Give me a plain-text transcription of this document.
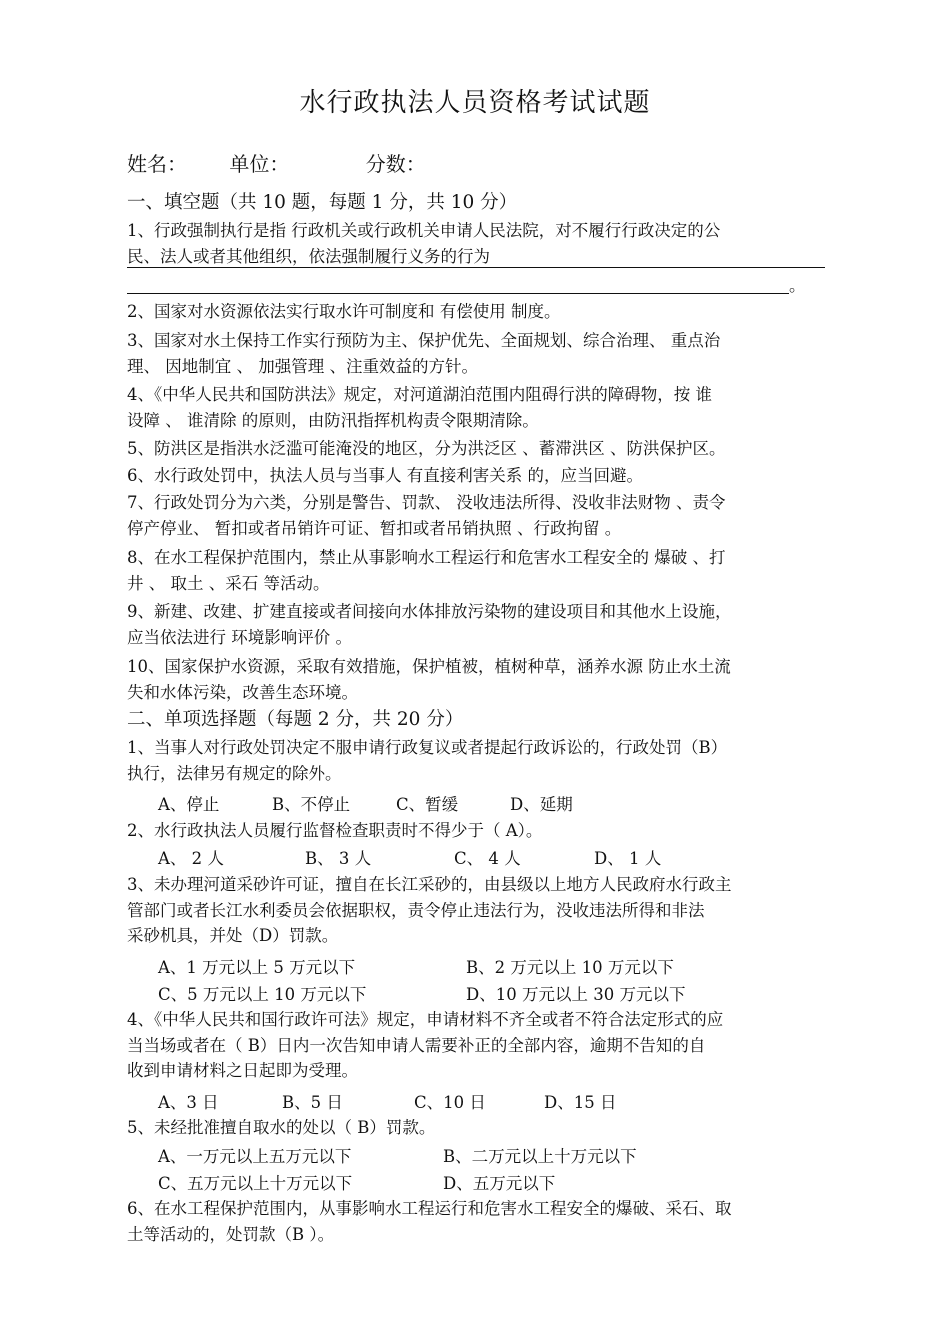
水行政执法人员资格考试试题
姓名： 单位：	分数：
一、填空题（共 10 题，每题 1 分，共 10 分）
1、行政强制执行是指 行政机关或行政机关申请人民法院，对不履行行政决定的公
民、法人或者其他组织，依法强制履行义务的行为
。
2、国家对水资源依法实行取水许可制度和 有偿使用 制度。
3、国家对水土保持工作实行预防为主、保护优先、全面规划、综合治理、 重点治
理、 因地制宜 、 加强管理 、注重效益的方针。
4、《中华人民共和国防洪法》规定，对河道湖泊范围内阻碍行洪的障碍物，按 谁
设障 、 谁清除 的原则，由防汛指挥机构责令限期清除。
5、防洪区是指洪水泛滥可能淹没的地区，分为洪泛区 、蓄滞洪区 、防洪保护区。
6、水行政处罚中，执法人员与当事人 有直接利害关系 的，应当回避。
7、行政处罚分为六类，分别是警告、罚款、 没收违法所得、没收非法财物 、责令
停产停业、 暂扣或者吊销许可证、暂扣或者吊销执照 、行政拘留 。
8、在水工程保护范围内，禁止从事影响水工程运行和危害水工程安全的 爆破 、打
井 、 取土 、采石 等活动。
9、新建、改建、扩建直接或者间接向水体排放污染物的建设项目和其他水上设施，
应当依法进行 环境影响评价 。
10、国家保护水资源，采取有效措施，保护植被，植树种草，涵养水源 防止水土流
失和水体污染，改善生态环境。
二、单项选择题（每题 2 分，共 20 分）
1、当事人对行政处罚决定不服申请行政复议或者提起行政诉讼的，行政处罚（B）
执行，法律另有规定的除外。
A、停止	B、不停止	C、暂缓	D、延期
2、水行政执法人员履行监督检查职责时不得少于（ A）。
A、 2 人	B、 3 人	C、 4 人	D、 1 人
3、未办理河道采砂许可证，擅自在长江采砂的，由县级以上地方人民政府水行政主
管部门或者长江水利委员会依据职权，责令停止违法行为，没收违法所得和非法
采砂机具，并处（D）罚款。
A、1 万元以上 5 万元以下	B、2 万元以上 10 万元以下
C、5 万元以上 10 万元以下	D、10 万元以上 30 万元以下
4、《中华人民共和国行政许可法》规定，申请材料不齐全或者不符合法定形式的应
当当场或者在（ B）日内一次告知申请人需要补正的全部内容，逾期不告知的自
收到申请材料之日起即为受理。
A、3 日	B、5 日	C、10 日	D、15 日
5、未经批准擅自取水的处以（ B）罚款。
A、一万元以上五万元以下	B、二万元以上十万元以下
C、五万元以上十万元以下	D、五万元以下
6、在水工程保护范围内，从事影响水工程运行和危害水工程安全的爆破、采石、取
土等活动的，处罚款（B ）。
